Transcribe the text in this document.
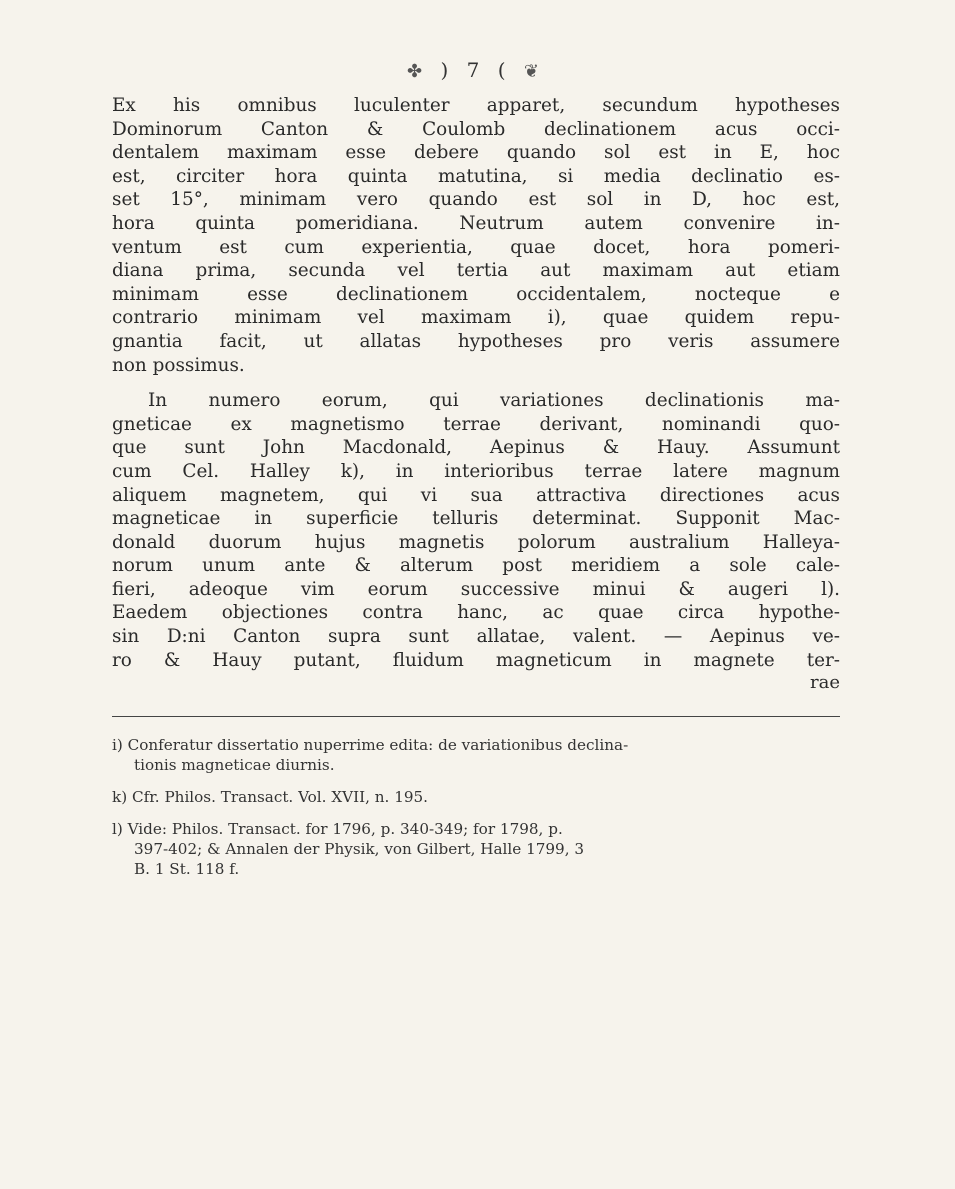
✤ ) 7 ( ❦
Ex his omnibus luculenter apparet, secundum hypotheses
Dominorum Canton & Coulomb declinationem acus occi-
dentalem maximam esse debere quando sol est in E, hoc
est, circiter hora quinta matutina, si media declinatio es-
set 15°, minimam vero quando est sol in D, hoc est,
hora quinta pomeridiana. Neutrum autem convenire in-
ventum est cum experientia, quae docet, hora pomeri-
diana prima, secunda vel tertia aut maximam aut etiam
minimam esse declinationem occidentalem, nocteque e
contrario minimam vel maximam i), quae quidem repu-
gnantia facit, ut allatas hypotheses pro veris assumere
non possimus.
In numero eorum, qui variationes declinationis ma-
gneticae ex magnetismo terrae derivant, nominandi quo-
que sunt John Macdonald, Aepinus & Hauy. Assumunt
cum Cel. Halley k), in interioribus terrae latere magnum
aliquem magnetem, qui vi sua attractiva directiones acus
magneticae in superficie telluris determinat. Supponit Mac-
donald duorum hujus magnetis polorum australium Halleya-
norum unum ante & alterum post meridiem a sole cale-
fieri, adeoque vim eorum successive minui & augeri l).
Eaedem objectiones contra hanc, ac quae circa hypothe-
sin D:ni Canton supra sunt allatae, valent. — Aepinus ve-
ro & Hauy putant, fluidum magneticum in magnete ter-
rae
i) Conferatur dissertatio nuperrime edita: de variationibus declina-
tionis magneticae diurnis.
k) Cfr. Philos. Transact. Vol. XVII, n. 195.
l) Vide: Philos. Transact. for 1796, p. 340-349; for 1798, p.
397-402; & Annalen der Physik, von Gilbert, Halle 1799, 3
B. 1 St. 118 f.
